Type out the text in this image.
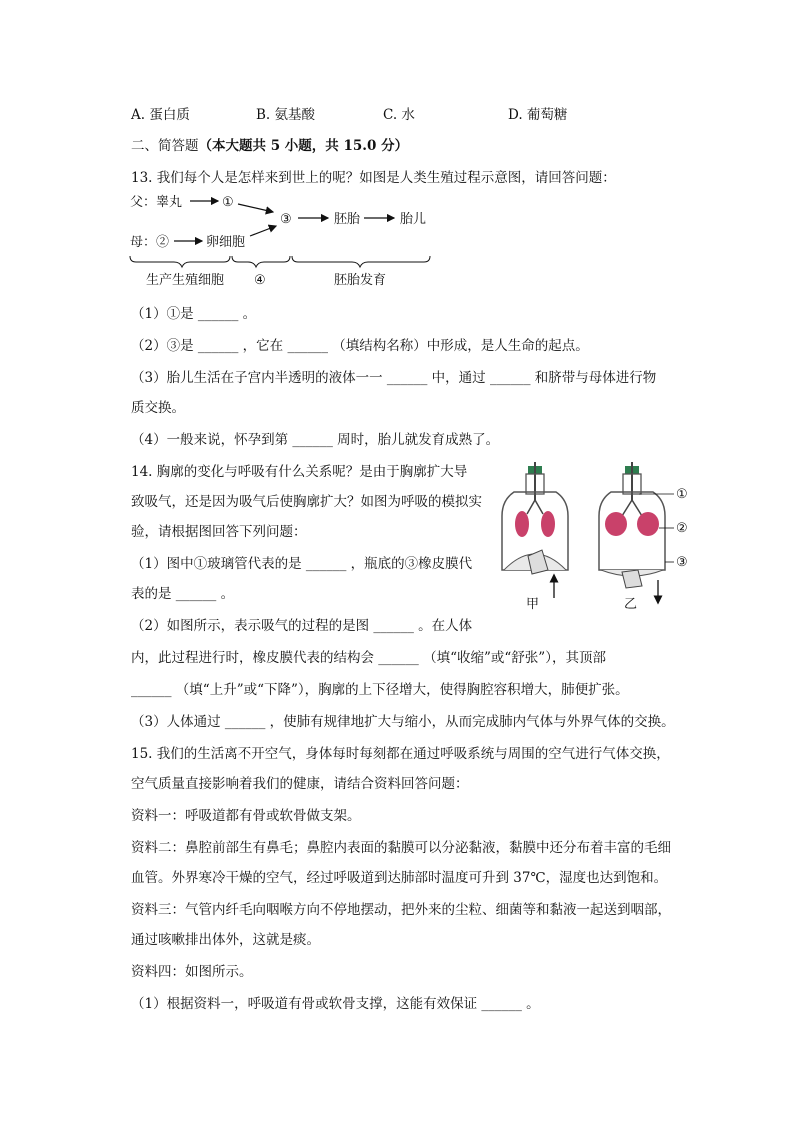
A. 蛋白质	B. 氨基酸	C. 水	D. 葡萄糖
二、简答题（本大题共 5 小题，共 15.0 分）
13. 我们每个人是怎样来到世上的呢？如图是人类生殖过程示意图，请回答问题：
父：睾丸	①
③	胚胎	胎儿
母：②	卵细胞
生产生殖细胞 ④	胚胎发育
（1）①是 ______ 。
（2）③是 ______ ，它在 ______ （填结构名称）中形成，是人生命的起点。
（3）胎儿生活在子宫内半透明的液体一一 ______ 中，通过 ______ 和脐带与母体进行物
质交换。
（4）一般来说，怀孕到第 ______ 周时，胎儿就发育成熟了。
14. 胸廓的变化与呼吸有什么关系呢？是由于胸廓扩大导
致吸气，还是因为吸气后使胸廓扩大？如图为呼吸的模拟实
验，请根据图回答下列问题：
（1）图中①玻璃管代表的是 ______ ，瓶底的③橡皮膜代
表的是 ______ 。
（2）如图所示，表示吸气的过程的是图 ______ 。在人体
内，此过程进行时，橡皮膜代表的结构会 ______ （填“收缩”或“舒张”），其顶部
______ （填“上升”或“下降”），胸廓的上下径增大，使得胸腔容积增大，肺便扩张。
（3）人体通过 ______ ，使肺有规律地扩大与缩小，从而完成肺内气体与外界气体的交换。
甲	乙
①
②
③
15. 我们的生活离不开空气，身体每时每刻都在通过呼吸系统与周围的空气进行气体交换，
空气质量直接影响着我们的健康，请结合资料回答问题：
资料一：呼吸道都有骨或软骨做支架。
资料二：鼻腔前部生有鼻毛；鼻腔内表面的黏膜可以分泌黏液，黏膜中还分布着丰富的毛细
血管。外界寒冷干燥的空气，经过呼吸道到达肺部时温度可升到 37℃，湿度也达到饱和。
资料三：气管内纤毛向咽喉方向不停地摆动，把外来的尘粒、细菌等和黏液一起送到咽部，
通过咳嗽排出体外，这就是痰。
资料四：如图所示。
（1）根据资料一，呼吸道有骨或软骨支撑，这能有效保证 ______ 。
